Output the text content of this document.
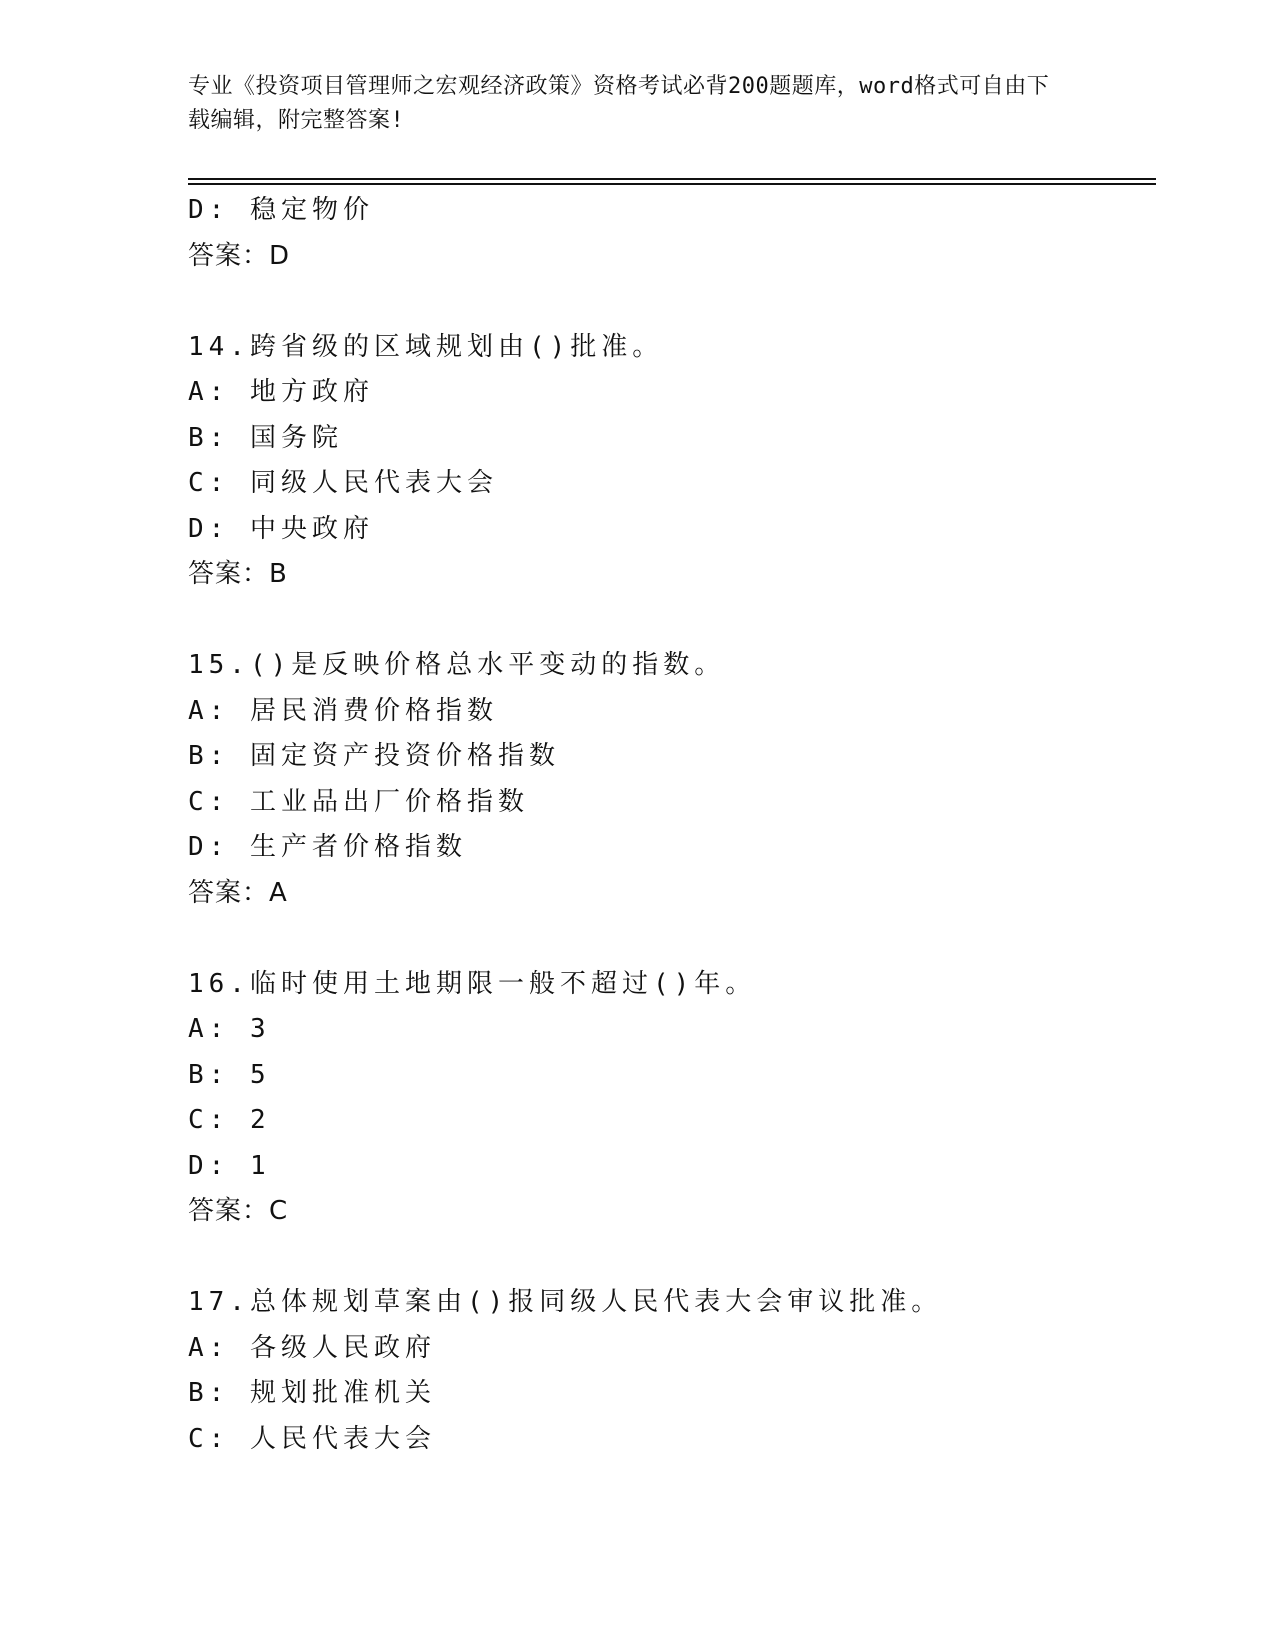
专业《投资项目管理师之宏观经济政策》资格考试必背200题题库，word格式可自由下载编辑，附完整答案!
D: 稳定物价
答案：D
14.跨省级的区域规划由()批准。
A: 地方政府
B: 国务院
C: 同级人民代表大会
D: 中央政府
答案：B
15.()是反映价格总水平变动的指数。
A: 居民消费价格指数
B: 固定资产投资价格指数
C: 工业品出厂价格指数
D: 生产者价格指数
答案：A
16.临时使用土地期限一般不超过()年。
A: 3
B: 5
C: 2
D: 1
答案：C
17.总体规划草案由()报同级人民代表大会审议批准。
A: 各级人民政府
B: 规划批准机关
C: 人民代表大会
